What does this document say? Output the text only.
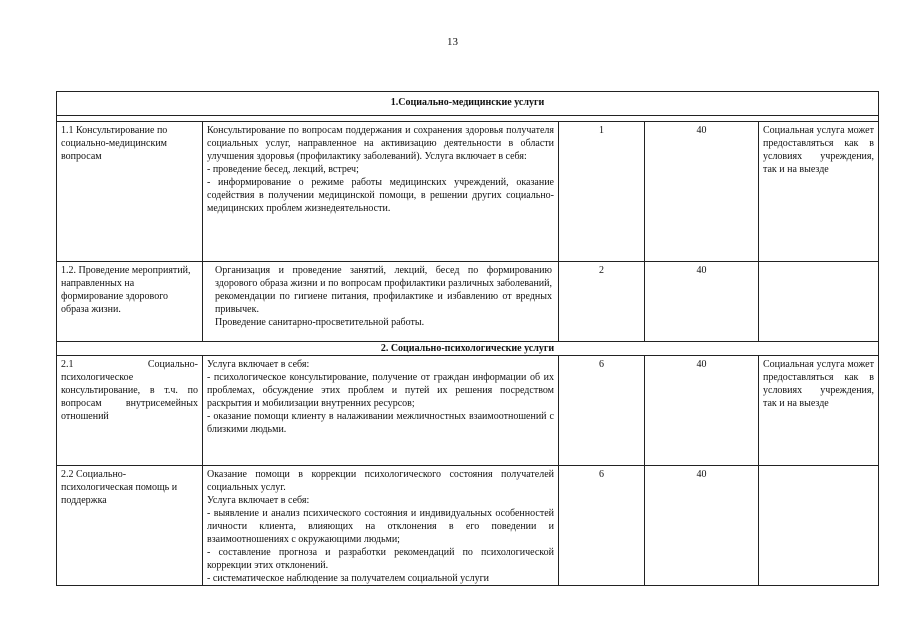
13
1.Социально-медицинские услуги				

1.1 Консультирование по социально-медицинским вопросам	Консультирование по вопросам поддержания и сохранения здоровья получателя социальных услуг, направленное на активизацию деятельности в области улучшения здоровья (профилактику заболеваний). Услуга включает в себя:
- проведение бесед, лекций, встреч;
- информирование о режиме работы медицинских учреждений, оказание содействия в получении медицинской помощи, в решении других социально-медицинских проблем жизнедеятельности.	1	40	Социальная услуга может предоставляться как в условиях учреждения, так и на выезде
1.2. Проведение мероприятий, направленных на формирование здорового образа жизни.	Организация и проведение занятий, лекций, бесед по формированию здорового образа жизни и по вопросам профилактики различных заболеваний, рекомендации по гигиене питания, профилактике и избавлению от вредных привычек.
Проведение санитарно-просветительной работы.	2	40	
2. Социально-психологические услуги				
2.1 Социально-психологическое консультирование, в т.ч. по вопросам внутрисемейных отношений	Услуга включает в себя:
- психологическое консультирование, получение от граждан информации об их проблемах, обсуждение этих проблем и путей их решения посредством раскрытия и мобилизации внутренних ресурсов;
- оказание помощи клиенту в налаживании межличностных взаимоотношений с близкими людьми.	6	40	Социальная услуга может предоставляться как в условиях учреждения, так и на выезде
2.2 Социально-психологическая помощь и поддержка	Оказание помощи в коррекции психологического состояния получателей социальных услуг.
Услуга включает в себя:
- выявление и анализ психического состояния и индивидуальных особенностей личности клиента, влияющих на отклонения в его поведении и взаимоотношениях с окружающими людьми;
- составление прогноза и разработки рекомендаций по психологической коррекции этих отклонений.
- систематическое наблюдение за получателем социальной услуги	6	40	
